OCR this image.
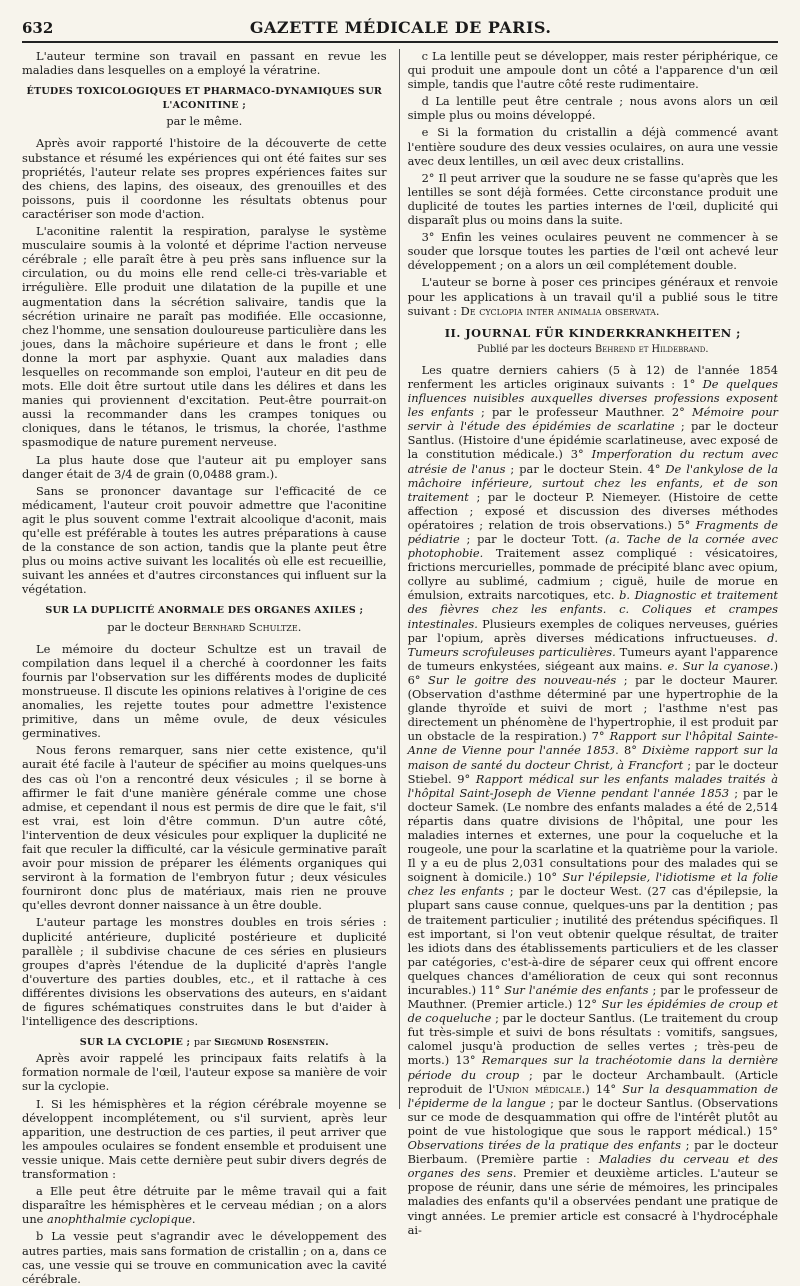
632	GAZETTE MÉDICALE DE PARIS.

L'auteur termine son travail en passant en revue les maladies dans lesquelles on a employé la vératrine.

ÉTUDES TOXICOLOGIQUES ET PHARMACO-DYNAMIQUES SUR L'ACONITINE ;
par le même.

Après avoir rapporté l'histoire de la découverte de cette substance et résumé les expériences qui ont été faites sur ses propriétés, l'auteur relate ses propres expériences faites sur des chiens, des lapins, des oiseaux, des grenouilles et des poissons, puis il coordonne les résultats obtenus pour caractériser son mode d'action.

L'aconitine ralentit la respiration, paralyse le système musculaire soumis à la volonté et déprime l'action nerveuse cérébrale ; elle paraît être à peu près sans influence sur la circulation, ou du moins elle rend celle-ci très-variable et irrégulière. Elle produit une dilatation de la pupille et une augmentation dans la sécrétion salivaire, tandis que la sécrétion urinaire ne paraît pas modifiée. Elle occasionne, chez l'homme, une sensation douloureuse particulière dans les joues, dans la mâchoire supérieure et dans le front ; elle donne la mort par asphyxie. Quant aux maladies dans lesquelles on recommande son emploi, l'auteur en dit peu de mots. Elle doit être surtout utile dans les délires et dans les manies qui proviennent d'excitation. Peut-être pourrait-on aussi la recommander dans les crampes toniques ou cloniques, dans le tétanos, le trismus, la chorée, l'asthme spasmodique de nature purement nerveuse.

La plus haute dose que l'auteur ait pu employer sans danger était de 3/4 de grain (0,0488 gram.).

Sans se prononcer davantage sur l'efficacité de ce médicament, l'auteur croit pouvoir admettre que l'aconitine agit le plus souvent comme l'extrait alcoolique d'aconit, mais qu'elle est préférable à toutes les autres préparations à cause de la constance de son action, tandis que la plante peut être plus ou moins active suivant les localités où elle est recueillie, suivant les années et d'autres circonstances qui influent sur la végétation.

SUR LA DUPLICITÉ ANORMALE DES ORGANES AXILES ;
par le docteur Bernhard Schultze.

Le mémoire du docteur Schultze est un travail de compilation dans lequel il a cherché à coordonner les faits fournis par l'observation sur les différents modes de duplicité monstrueuse. Il discute les opinions relatives à l'origine de ces anomalies, les rejette toutes pour admettre l'existence primitive, dans un même ovule, de deux vésicules germinatives.

Nous ferons remarquer, sans nier cette existence, qu'il aurait été facile à l'auteur de spécifier au moins quelques-uns des cas où l'on a rencontré deux vésicules ; il se borne à affirmer le fait d'une manière générale comme une chose admise, et cependant il nous est permis de dire que le fait, s'il est vrai, est loin d'être commun. D'un autre côté, l'intervention de deux vésicules pour expliquer la duplicité ne fait que reculer la difficulté, car la vésicule germinative paraît avoir pour mission de préparer les éléments organiques qui serviront à la formation de l'embryon futur ; deux vésicules fourniront donc plus de matériaux, mais rien ne prouve qu'elles devront donner naissance à un être double.

L'auteur partage les monstres doubles en trois séries : duplicité antérieure, duplicité postérieure et duplicité parallèle ; il subdivise chacune de ces séries en plusieurs groupes d'après l'étendue de la duplicité d'après l'angle d'ouverture des parties doubles, etc., et il rattache à ces différentes divisions les observations des auteurs, en s'aidant de figures schématiques construites dans le but d'aider à l'intelligence des descriptions.

SUR LA CYCLOPIE ; par Siegmund Rosenstein.

Après avoir rappelé les principaux faits relatifs à la formation normale de l'œil, l'auteur expose sa manière de voir sur la cyclopie.

I. Si les hémisphères et la région cérébrale moyenne se développent incomplétement, ou s'il survient, après leur apparition, une destruction de ces parties, il peut arriver que les ampoules oculaires se fondent ensemble et produisent une vessie unique. Mais cette dernière peut subir divers degrés de transformation :

a Elle peut être détruite par le même travail qui a fait disparaître les hémisphères et le cerveau médian ; on a alors une anophthalmie cyclopique.

b La vessie peut s'agrandir avec le développement des autres parties, mais sans formation de cristallin ; on a, dans ce cas, une vessie qui se trouve en communication avec la cavité cérébrale.

c La lentille peut se développer, mais rester périphérique, ce qui produit une ampoule dont un côté a l'apparence d'un œil simple, tandis que l'autre côté reste rudimentaire.

d La lentille peut être centrale ; nous avons alors un œil simple plus ou moins développé.

e Si la formation du cristallin a déjà commencé avant l'entière soudure des deux vessies oculaires, on aura une vessie avec deux lentilles, un œil avec deux cristallins.

2° Il peut arriver que la soudure ne se fasse qu'après que les lentilles se sont déjà formées. Cette circonstance produit une duplicité de toutes les parties internes de l'œil, duplicité qui disparaît plus ou moins dans la suite.

3° Enfin les veines oculaires peuvent ne commencer à se souder que lorsque toutes les parties de l'œil ont achevé leur développement ; on a alors un œil complétement double.

L'auteur se borne à poser ces principes généraux et renvoie pour les applications à un travail qu'il a publié sous le titre suivant : De cyclopia inter animalia observata.

II. JOURNAL FÜR KINDERKRANKHEITEN ;
Publié par les docteurs Behrend et Hildebrand.

Les quatre derniers cahiers (5 à 12) de l'année 1854 renferment les articles originaux suivants : 1° De quelques influences nuisibles auxquelles diverses professions exposent les enfants ; par le professeur Mauthner. 2° Mémoire pour servir à l'étude des épidémies de scarlatine ; par le docteur Santlus. (Histoire d'une épidémie scarlatineuse, avec exposé de la constitution médicale.) 3° Imperforation du rectum avec atrésie de l'anus ; par le docteur Stein. 4° De l'ankylose de la mâchoire inférieure, surtout chez les enfants, et de son traitement ; par le docteur P. Niemeyer. (Histoire de cette affection ; exposé et discussion des diverses méthodes opératoires ; relation de trois observations.) 5° Fragments de pédiatrie ; par le docteur Tott. (a. Tache de la cornée avec photophobie. Traitement assez compliqué : vésicatoires, frictions mercurielles, pommade de précipité blanc avec opium, collyre au sublimé, cadmium ; ciguë, huile de morue en émulsion, extraits narcotiques, etc. b. Diagnostic et traitement des fièvres chez les enfants. c. Coliques et crampes intestinales. Plusieurs exemples de coliques nerveuses, guéries par l'opium, après diverses médications infructueuses. d. Tumeurs scrofuleuses particulières. Tumeurs ayant l'apparence de tumeurs enkystées, siégeant aux mains. e. Sur la cyanose.) 6° Sur le goitre des nouveau-nés ; par le docteur Maurer. (Observation d'asthme déterminé par une hypertrophie de la glande thyroïde et suivi de mort ; l'asthme n'est pas directement un phénomène de l'hypertrophie, il est produit par un obstacle de la respiration.) 7° Rapport sur l'hôpital Sainte-Anne de Vienne pour l'année 1853. 8° Dixième rapport sur la maison de santé du docteur Christ, à Francfort ; par le docteur Stiebel. 9° Rapport médical sur les enfants malades traités à l'hôpital Saint-Joseph de Vienne pendant l'année 1853 ; par le docteur Samek. (Le nombre des enfants malades a été de 2,514 répartis dans quatre divisions de l'hôpital, une pour les maladies internes et externes, une pour la coqueluche et la rougeole, une pour la scarlatine et la quatrième pour la variole. Il y a eu de plus 2,031 consultations pour des malades qui se soignent à domicile.) 10° Sur l'épilepsie, l'idiotisme et la folie chez les enfants ; par le docteur West. (27 cas d'épilepsie, la plupart sans cause connue, quelques-uns par la dentition ; pas de traitement particulier ; inutilité des prétendus spécifiques. Il est important, si l'on veut obtenir quelque résultat, de traiter les idiots dans des établissements particuliers et de les classer par catégories, c'est-à-dire de séparer ceux qui offrent encore quelques chances d'amélioration de ceux qui sont reconnus incurables.) 11° Sur l'anémie des enfants ; par le professeur de Mauthner. (Premier article.) 12° Sur les épidémies de croup et de coqueluche ; par le docteur Santlus. (Le traitement du croup fut très-simple et suivi de bons résultats : vomitifs, sangsues, calomel jusqu'à production de selles vertes ; très-peu de morts.) 13° Remarques sur la trachéotomie dans la dernière période du croup ; par le docteur Archambault. (Article reproduit de l'Union médicale.) 14° Sur la desquammation de l'épiderme de la langue ; par le docteur Santlus. (Observations sur ce mode de desquammation qui offre de l'intérêt plutôt au point de vue histologique que sous le rapport médical.) 15° Observations tirées de la pratique des enfants ; par le docteur Bierbaum. (Première partie : Maladies du cerveau et des organes des sens. Premier et deuxième articles. L'auteur se propose de réunir, dans une série de mémoires, les principales maladies des enfants qu'il a observées pendant une pratique de vingt années. Le premier article est consacré à l'hydrocéphale ai-
